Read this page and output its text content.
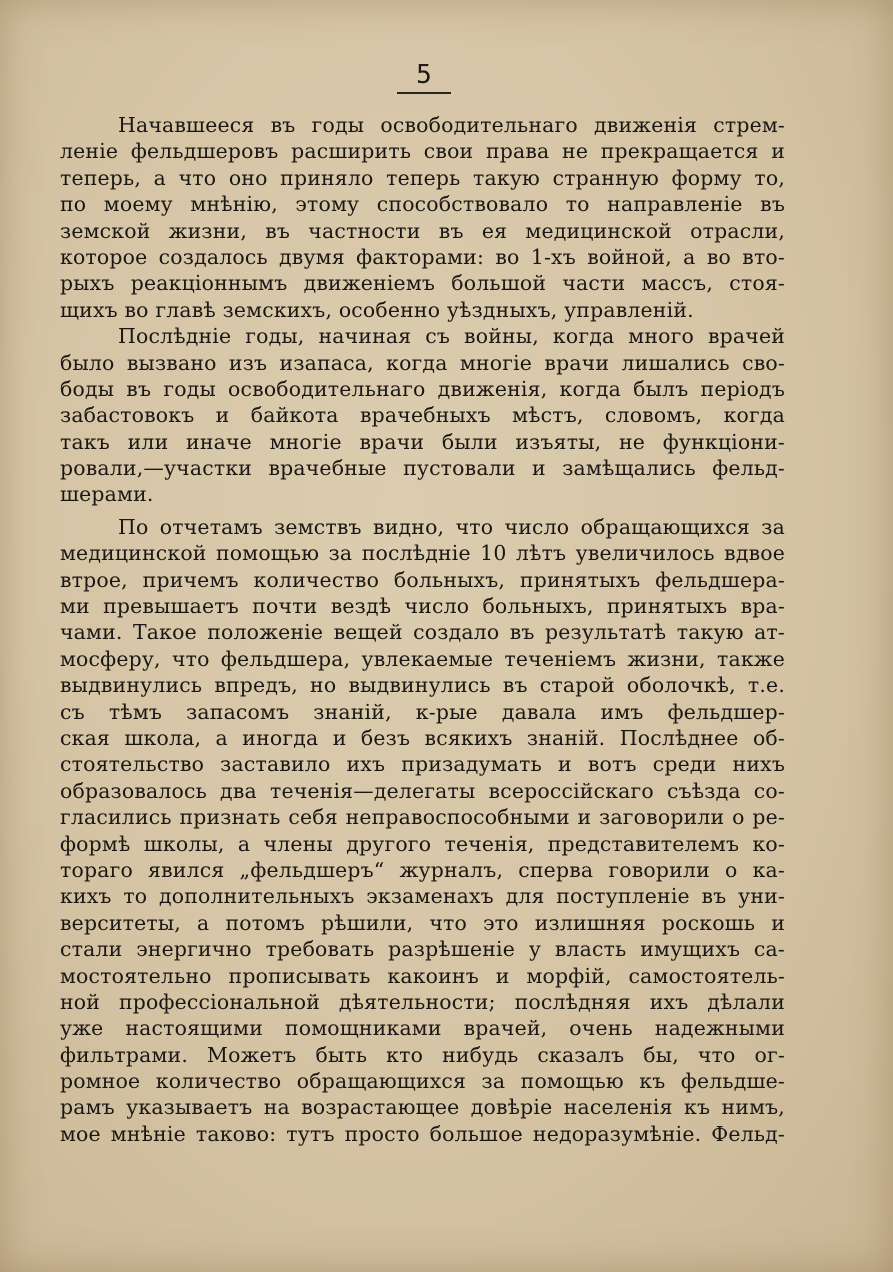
5
Начавшееся въ годы освободительнаго движенія стрем-
леніе фельдшеровъ расширить свои права не прекращается и
теперь, а что оно приняло теперь такую странную форму то,
по моему мнѣнію, этому способствовало то направленіе въ
земской жизни, въ частности въ ея медицинской отрасли,
которое создалось двумя факторами: во 1-хъ войной, а во вто-
рыхъ реакціоннымъ движеніемъ большой части массъ, стоя-
щихъ во главѣ земскихъ, особенно уѣздныхъ, управленій.
Послѣдніе годы, начиная съ войны, когда много врачей
было вызвано изъ изапаса, когда многіе врачи лишались сво-
боды въ годы освободительнаго движенія, когда былъ періодъ
забастовокъ и байкота врачебныхъ мѣстъ, словомъ, когда
такъ или иначе многіе врачи были изъяты, не функціони-
ровали,—участки врачебные пустовали и замѣщались фельд-
шерами.
По отчетамъ земствъ видно, что число обращающихся за
медицинской помощью за послѣдніе 10 лѣтъ увеличилось вдвое
втрое, причемъ количество больныхъ, принятыхъ фельдшера-
ми превышаетъ почти вездѣ число больныхъ, принятыхъ вра-
чами. Такое положеніе вещей создало въ результатѣ такую ат-
мосферу, что фельдшера, увлекаемые теченіемъ жизни, также
выдвинулись впредъ, но выдвинулись въ старой оболочкѣ, т.е.
съ тѣмъ запасомъ знаній, к-рые давала имъ фельдшер-
ская школа, а иногда и безъ всякихъ знаній. Послѣднее об-
стоятельство заставило ихъ призадумать и вотъ среди нихъ
образовалось два теченія—делегаты всероссійскаго съѣзда со-
гласились признать себя неправоспособными и заговорили о ре-
формѣ школы, а члены другого теченія, представителемъ ко-
тораго явился „фельдшеръ“ журналъ, сперва говорили о ка-
кихъ то дополнительныхъ экзаменахъ для поступленіе въ уни-
верситеты, а потомъ рѣшили, что это излишняя роскошь и
стали энергично требовать разрѣшеніе у власть имущихъ са-
мостоятельно прописывать какоинъ и морфій, самостоятель-
ной профессіональной дѣятельности; послѣдняя ихъ дѣлали
уже настоящими помощниками врачей, очень надежными
фильтрами. Можетъ быть кто нибудь сказалъ бы, что ог-
ромное количество обращающихся за помощью къ фельдше-
рамъ указываетъ на возрастающее довѣріе населенія къ нимъ,
мое мнѣніе таково: тутъ просто большое недоразумѣніе. Фельд-
